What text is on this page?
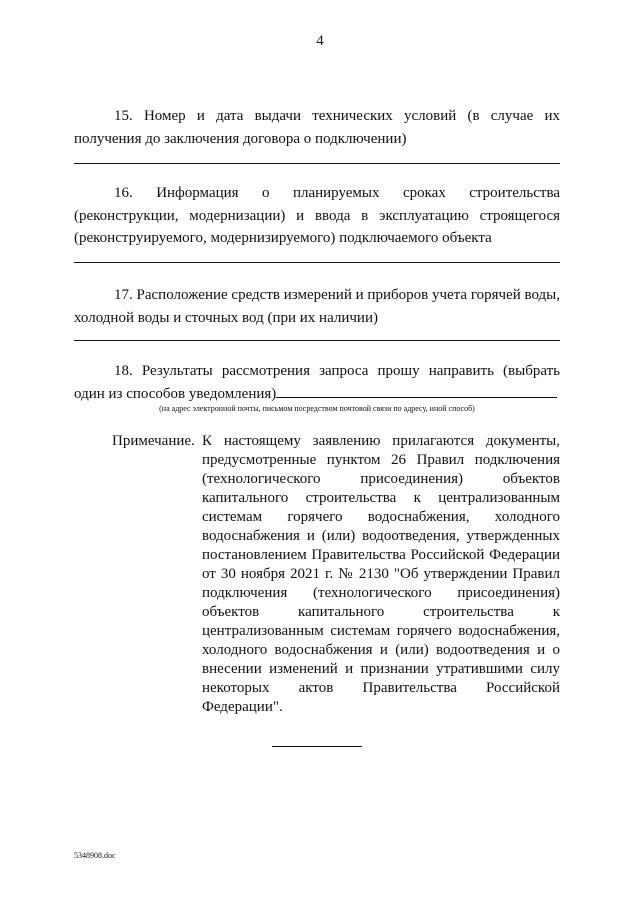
4
15. Номер и дата выдачи технических условий (в случае их получения до заключения договора о подключении)
16. Информация о планируемых сроках строительства (реконструкции, модернизации) и ввода в эксплуатацию строящегося (реконструируемого, модернизируемого) подключаемого объекта
17. Расположение средств измерений и приборов учета горячей воды, холодной воды и сточных вод (при их наличии)
18. Результаты рассмотрения запроса прошу направить (выбрать один из способов уведомления)
(на адрес электронной почты, письмом посредством почтовой связи по адресу, иной способ)
Примечание. К настоящему заявлению прилагаются документы, предусмотренные пунктом 26 Правил подключения (технологического присоединения) объектов капитального строительства к централизованным системам горячего водоснабжения, холодного водоснабжения и (или) водоотведения, утвержденных постановлением Правительства Российской Федерации от 30 ноября 2021 г. № 2130 "Об утверждении Правил подключения (технологического присоединения) объектов капитального строительства к централизованным системам горячего водоснабжения, холодного водоснабжения и (или) водоотведения и о внесении изменений и признании утратившими силу некоторых актов Правительства Российской Федерации".
5348908.doc
